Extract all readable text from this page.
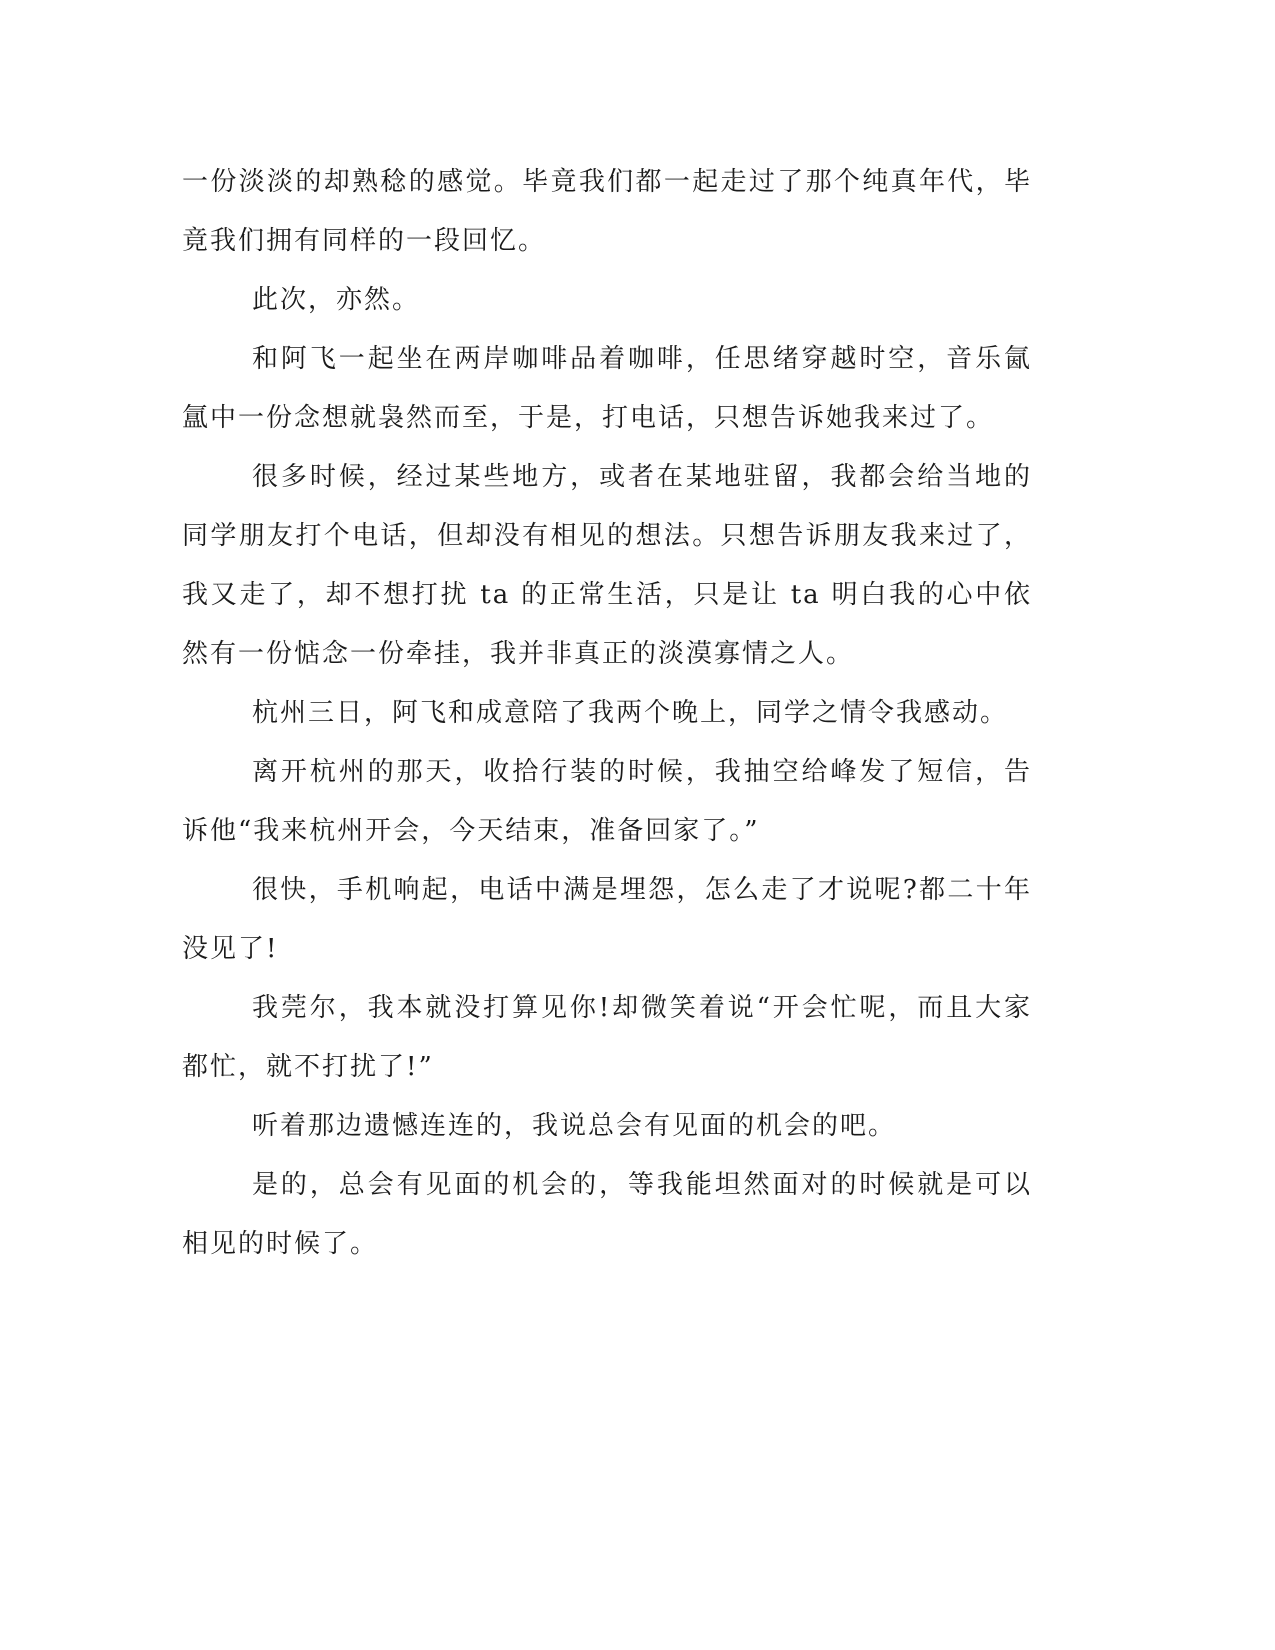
一份淡淡的却熟稔的感觉。毕竟我们都一起走过了那个纯真年代，毕竟我们拥有同样的一段回忆。

此次，亦然。

和阿飞一起坐在两岸咖啡品着咖啡，任思绪穿越时空，音乐氤氲中一份念想就袅然而至，于是，打电话，只想告诉她我来过了。

很多时候，经过某些地方，或者在某地驻留，我都会给当地的同学朋友打个电话，但却没有相见的想法。只想告诉朋友我来过了，我又走了，却不想打扰 ta 的正常生活，只是让 ta 明白我的心中依然有一份惦念一份牵挂，我并非真正的淡漠寡情之人。

杭州三日，阿飞和成意陪了我两个晚上，同学之情令我感动。

离开杭州的那天，收拾行装的时候，我抽空给峰发了短信，告诉他“我来杭州开会，今天结束，准备回家了。”

很快，手机响起，电话中满是埋怨，怎么走了才说呢?都二十年没见了!

我莞尔，我本就没打算见你!却微笑着说“开会忙呢，而且大家都忙，就不打扰了!”

听着那边遗憾连连的，我说总会有见面的机会的吧。

是的，总会有见面的机会的，等我能坦然面对的时候就是可以相见的时候了。
